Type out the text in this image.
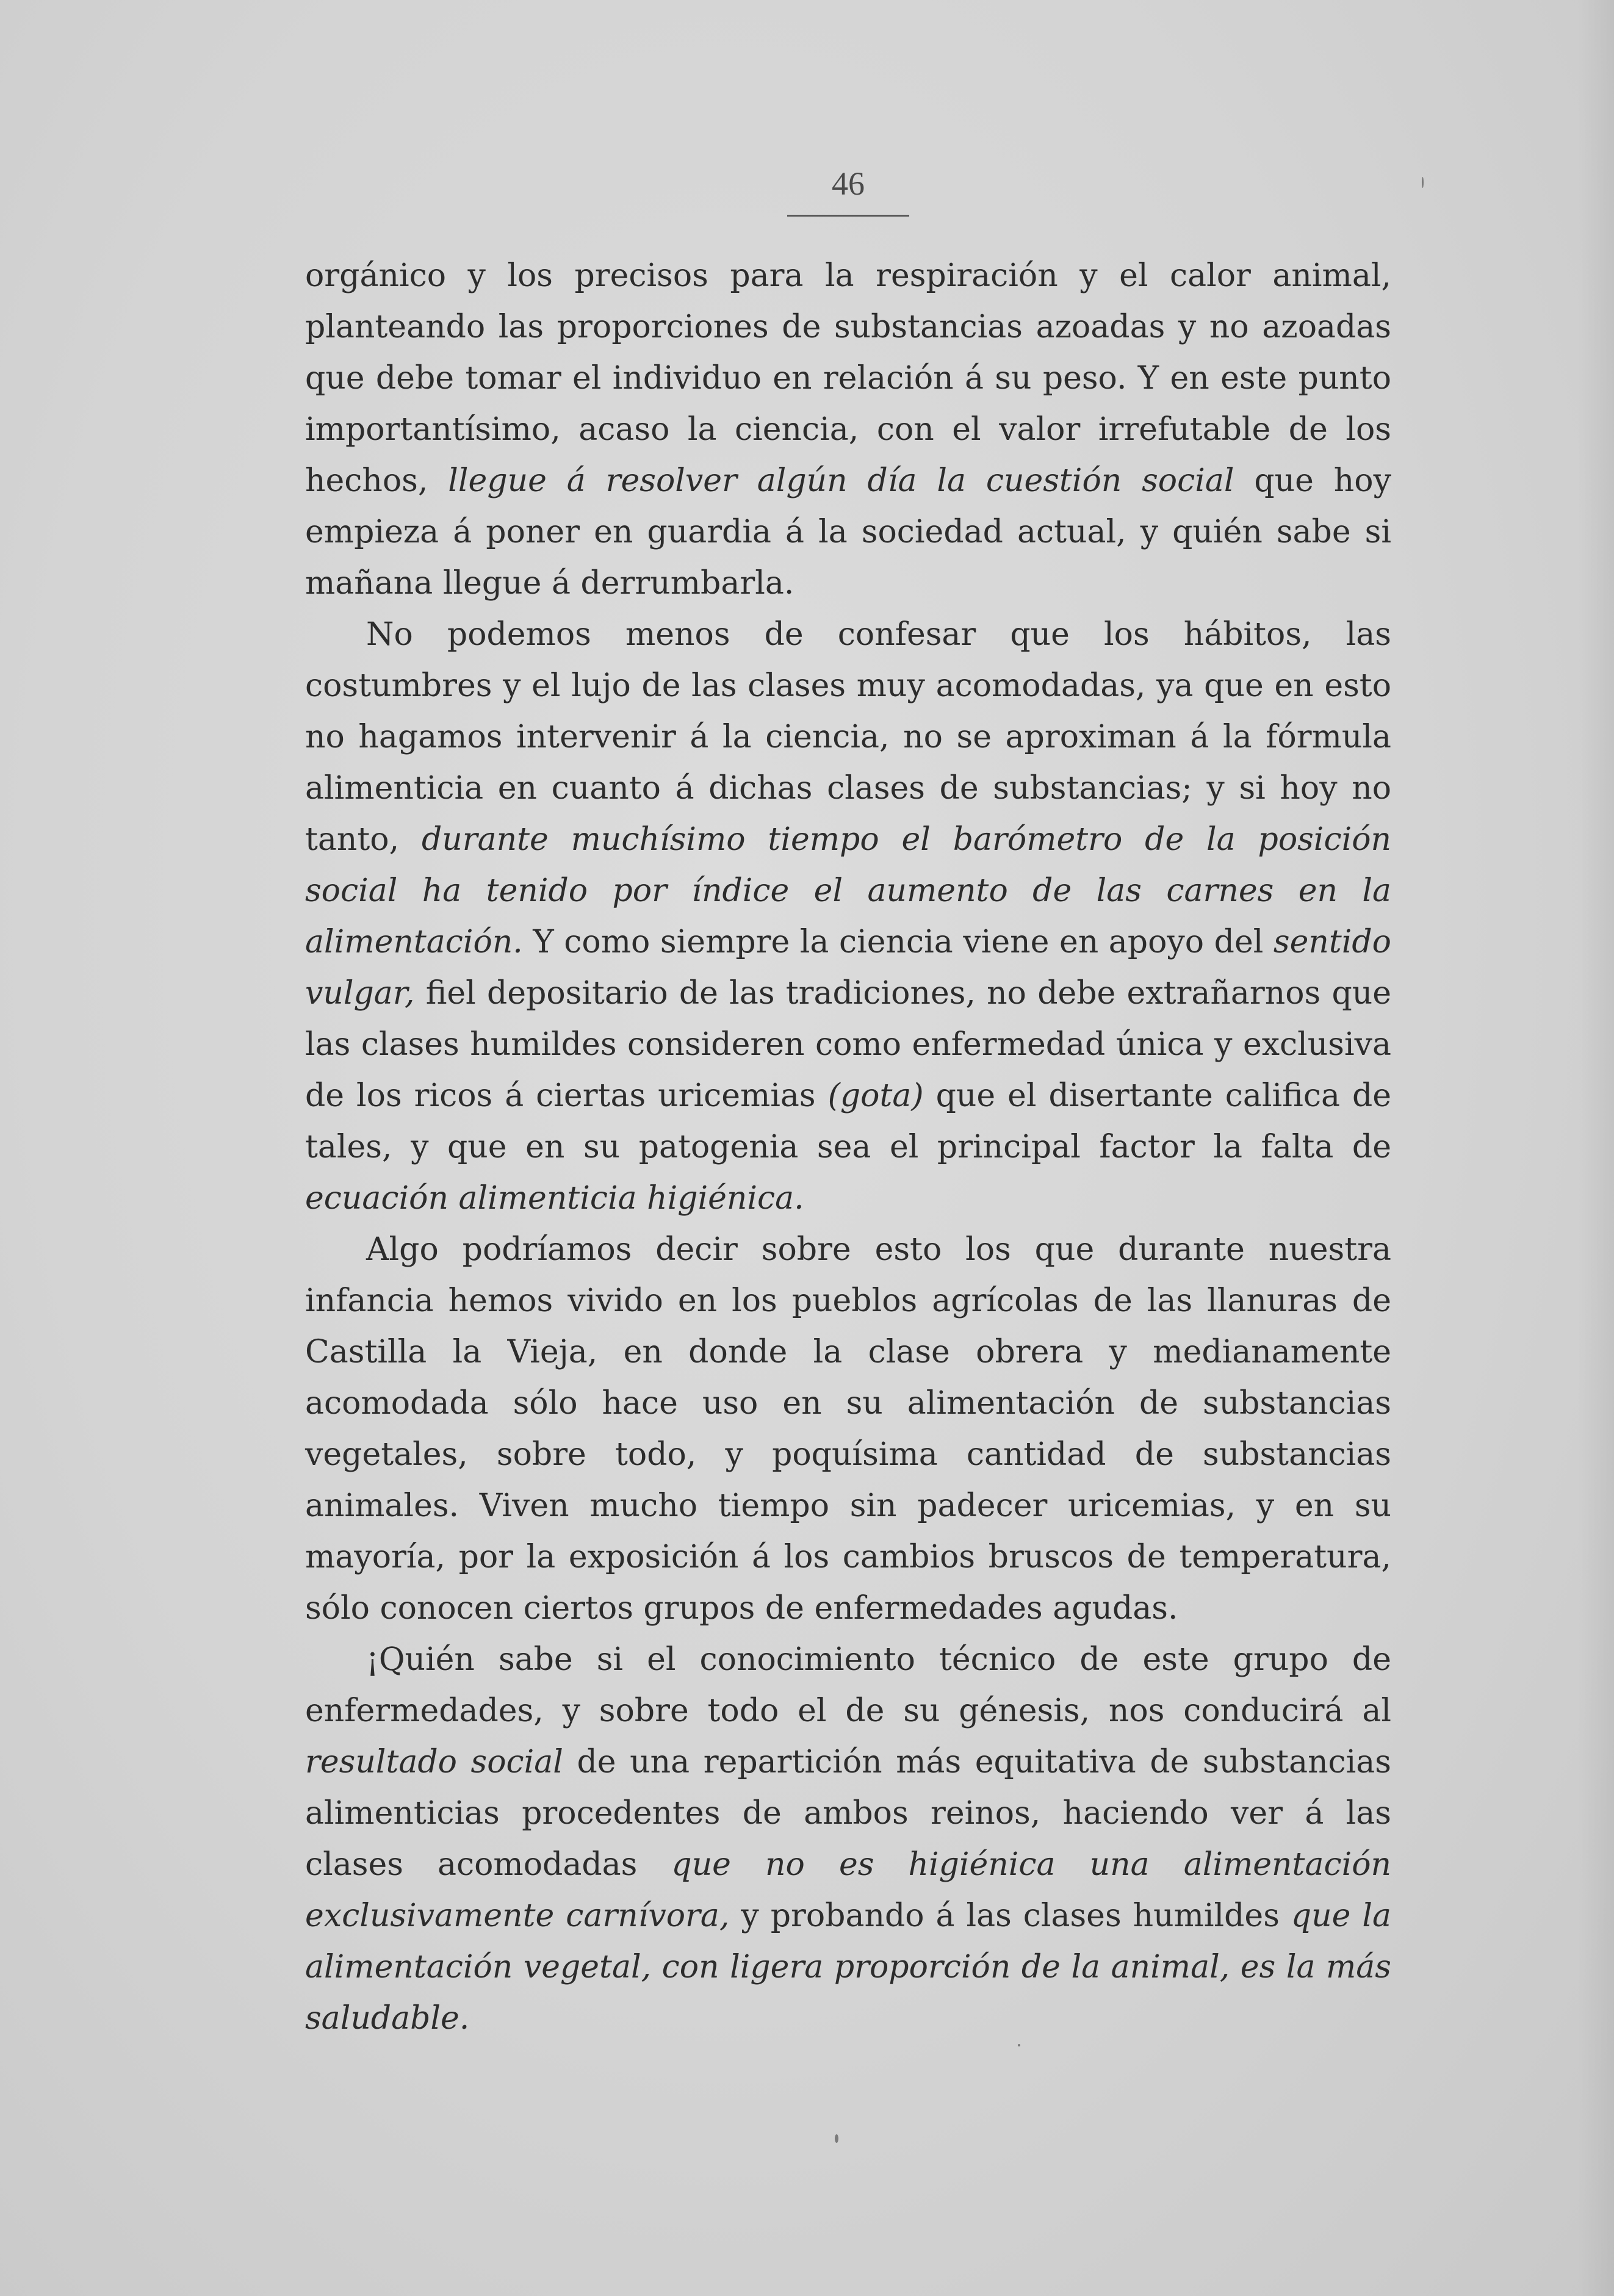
46

orgánico y los precisos para la respiración y el calor animal, planteando las proporciones de substancias azoadas y no azoadas que debe tomar el individuo en relación á su peso. Y en este punto importantísimo, acaso la ciencia, con el valor irrefutable de los hechos, llegue á resolver algún día la cuestión social que hoy empieza á poner en guardia á la sociedad actual, y quién sabe si mañana llegue á derrumbarla.

No podemos menos de confesar que los hábitos, las costumbres y el lujo de las clases muy acomodadas, ya que en esto no hagamos intervenir á la ciencia, no se aproximan á la fórmula alimenticia en cuanto á dichas clases de substancias; y si hoy no tanto, durante muchísimo tiempo el barómetro de la posición social ha tenido por índice el aumento de las carnes en la alimentación. Y como siempre la ciencia viene en apoyo del sentido vulgar, fiel depositario de las tradiciones, no debe extrañarnos que las clases humildes consideren como enfermedad única y exclusiva de los ricos á ciertas uricemias (gota) que el disertante califica de tales, y que en su patogenia sea el principal factor la falta de ecuación alimenticia higiénica.

Algo podríamos decir sobre esto los que durante nuestra infancia hemos vivido en los pueblos agrícolas de las llanuras de Castilla la Vieja, en donde la clase obrera y medianamente acomodada sólo hace uso en su alimentación de substancias vegetales, sobre todo, y poquísima cantidad de substancias animales. Viven mucho tiempo sin padecer uricemias, y en su mayoría, por la exposición á los cambios bruscos de temperatura, sólo conocen ciertos grupos de enfermedades agudas.

¡Quién sabe si el conocimiento técnico de este grupo de enfermedades, y sobre todo el de su génesis, nos conducirá al resultado social de una repartición más equitativa de substancias alimenticias procedentes de ambos reinos, haciendo ver á las clases acomodadas que no es higiénica una alimentación exclusivamente carnívora, y probando á las clases humildes que la alimentación vegetal, con ligera proporción de la animal, es la más saludable.
